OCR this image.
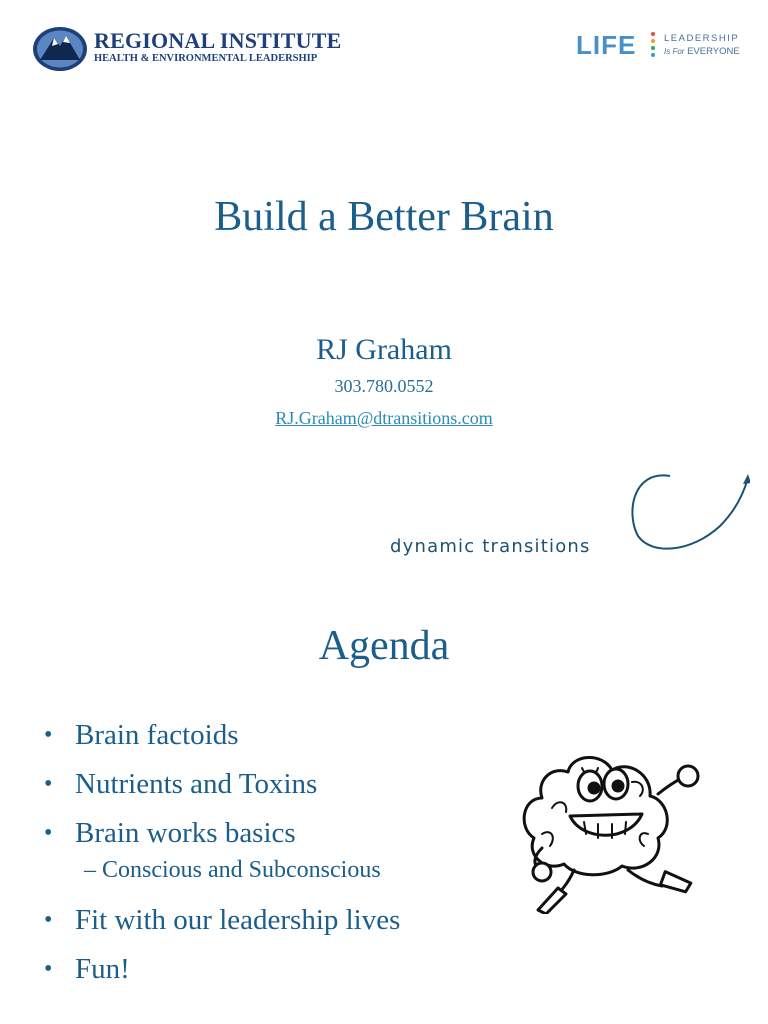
REGIONAL INSTITUTE
HEALTH & ENVIRONMENTAL LEADERSHIP	LIFE	LEADERSHIP
Is For EVERYONE
Build a Better Brain
RJ Graham
303.780.0552
RJ.Graham@dtransitions.com
dynamic transitions
Agenda
• Brain factoids
• Nutrients and Toxins
• Brain works basics
– Conscious and Subconscious
• Fit with our leadership lives
• Fun!
